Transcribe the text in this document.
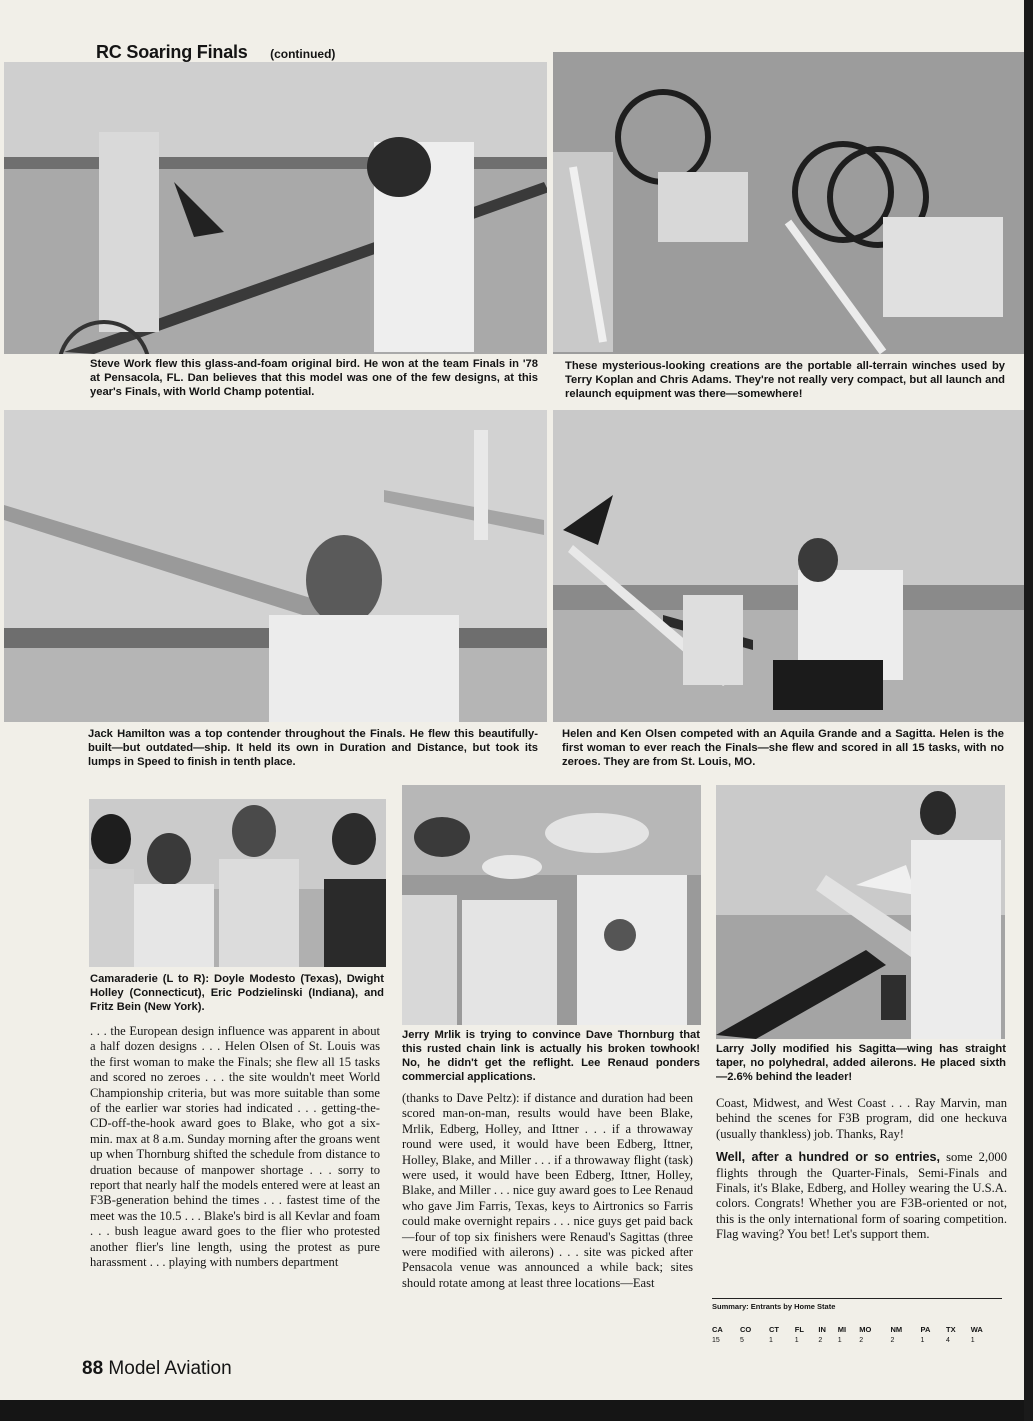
RC Soaring Finals (continued)
Steve Work flew this glass-and-foam original bird. He won at the team Finals in '78 at Pensacola, FL. Dan believes that this model was one of the few designs, at this year's Finals, with World Champ potential.
These mysterious-looking creations are the portable all-terrain winches used by Terry Koplan and Chris Adams. They're not really very compact, but all launch and relaunch equipment was there—somewhere!
Jack Hamilton was a top contender throughout the Finals. He flew this beautifully-built—but outdated—ship. It held its own in Duration and Distance, but took its lumps in Speed to finish in tenth place.
Helen and Ken Olsen competed with an Aquila Grande and a Sagitta. Helen is the first woman to ever reach the Finals—she flew and scored in all 15 tasks, with no zeroes. They are from St. Louis, MO.
Camaraderie (L to R): Doyle Modesto (Texas), Dwight Holley (Connecticut), Eric Podzielinski (Indiana), and Fritz Bein (New York).
Jerry Mrlik is trying to convince Dave Thornburg that this rusted chain link is actually his broken towhook! No, he didn't get the reflight. Lee Renaud ponders commercial applications.
Larry Jolly modified his Sagitta—wing has straight taper, no polyhedral, added ailerons. He placed sixth—2.6% behind the leader!

. . . the European design influence was apparent in about a half dozen designs . . . Helen Olsen of St. Louis was the first woman to make the Finals; she flew all 15 tasks and scored no zeroes . . . the site wouldn't meet World Championship criteria, but was more suitable than some of the earlier war stories had indicated . . . getting-the-CD-off-the-hook award goes to Blake, who got a six-min. max at 8 a.m. Sunday morning after the groans went up when Thornburg shifted the schedule from distance to druation because of manpower shortage . . . sorry to report that nearly half the models entered were at least an F3B-generation behind the times . . . fastest time of the meet was the 10.5 . . . Blake's bird is all Kevlar and foam . . . bush league award goes to the flier who protested another flier's line length, using the protest as pure harassment . . . playing with numbers department

(thanks to Dave Peltz): if distance and duration had been scored man-on-man, results would have been Blake, Mrlik, Edberg, Holley, and Ittner . . . if a throwaway round were used, it would have been Edberg, Ittner, Holley, Blake, and Miller . . . if a throwaway flight (task) were used, it would have been Edberg, Ittner, Holley, Blake, and Miller . . . nice guy award goes to Lee Renaud who gave Jim Farris, Texas, keys to Airtronics so Farris could make overnight repairs . . . nice guys get paid back—four of top six finishers were Renaud's Sagittas (three were modified with ailerons) . . . site was picked after Pensacola venue was announced a while back; sites should rotate among at least three locations—East

Coast, Midwest, and West Coast . . . Ray Marvin, man behind the scenes for F3B program, did one heckuva (usually thankless) job. Thanks, Ray!

Well, after a hundred or so entries, some 2,000 flights through the Quarter-Finals, Semi-Finals and Finals, it's Blake, Edberg, and Holley wearing the U.S.A. colors. Congrats! Whether you are F3B-oriented or not, this is the only international form of soaring competition. Flag waving? You bet! Let's support them.

Summary: Entrants by Home State
CA	CO	CT	FL	IN	MI	MO	NM	PA	TX	WA
15	5	1	1	2	1	2	2	1	4	1
88 Model Aviation
